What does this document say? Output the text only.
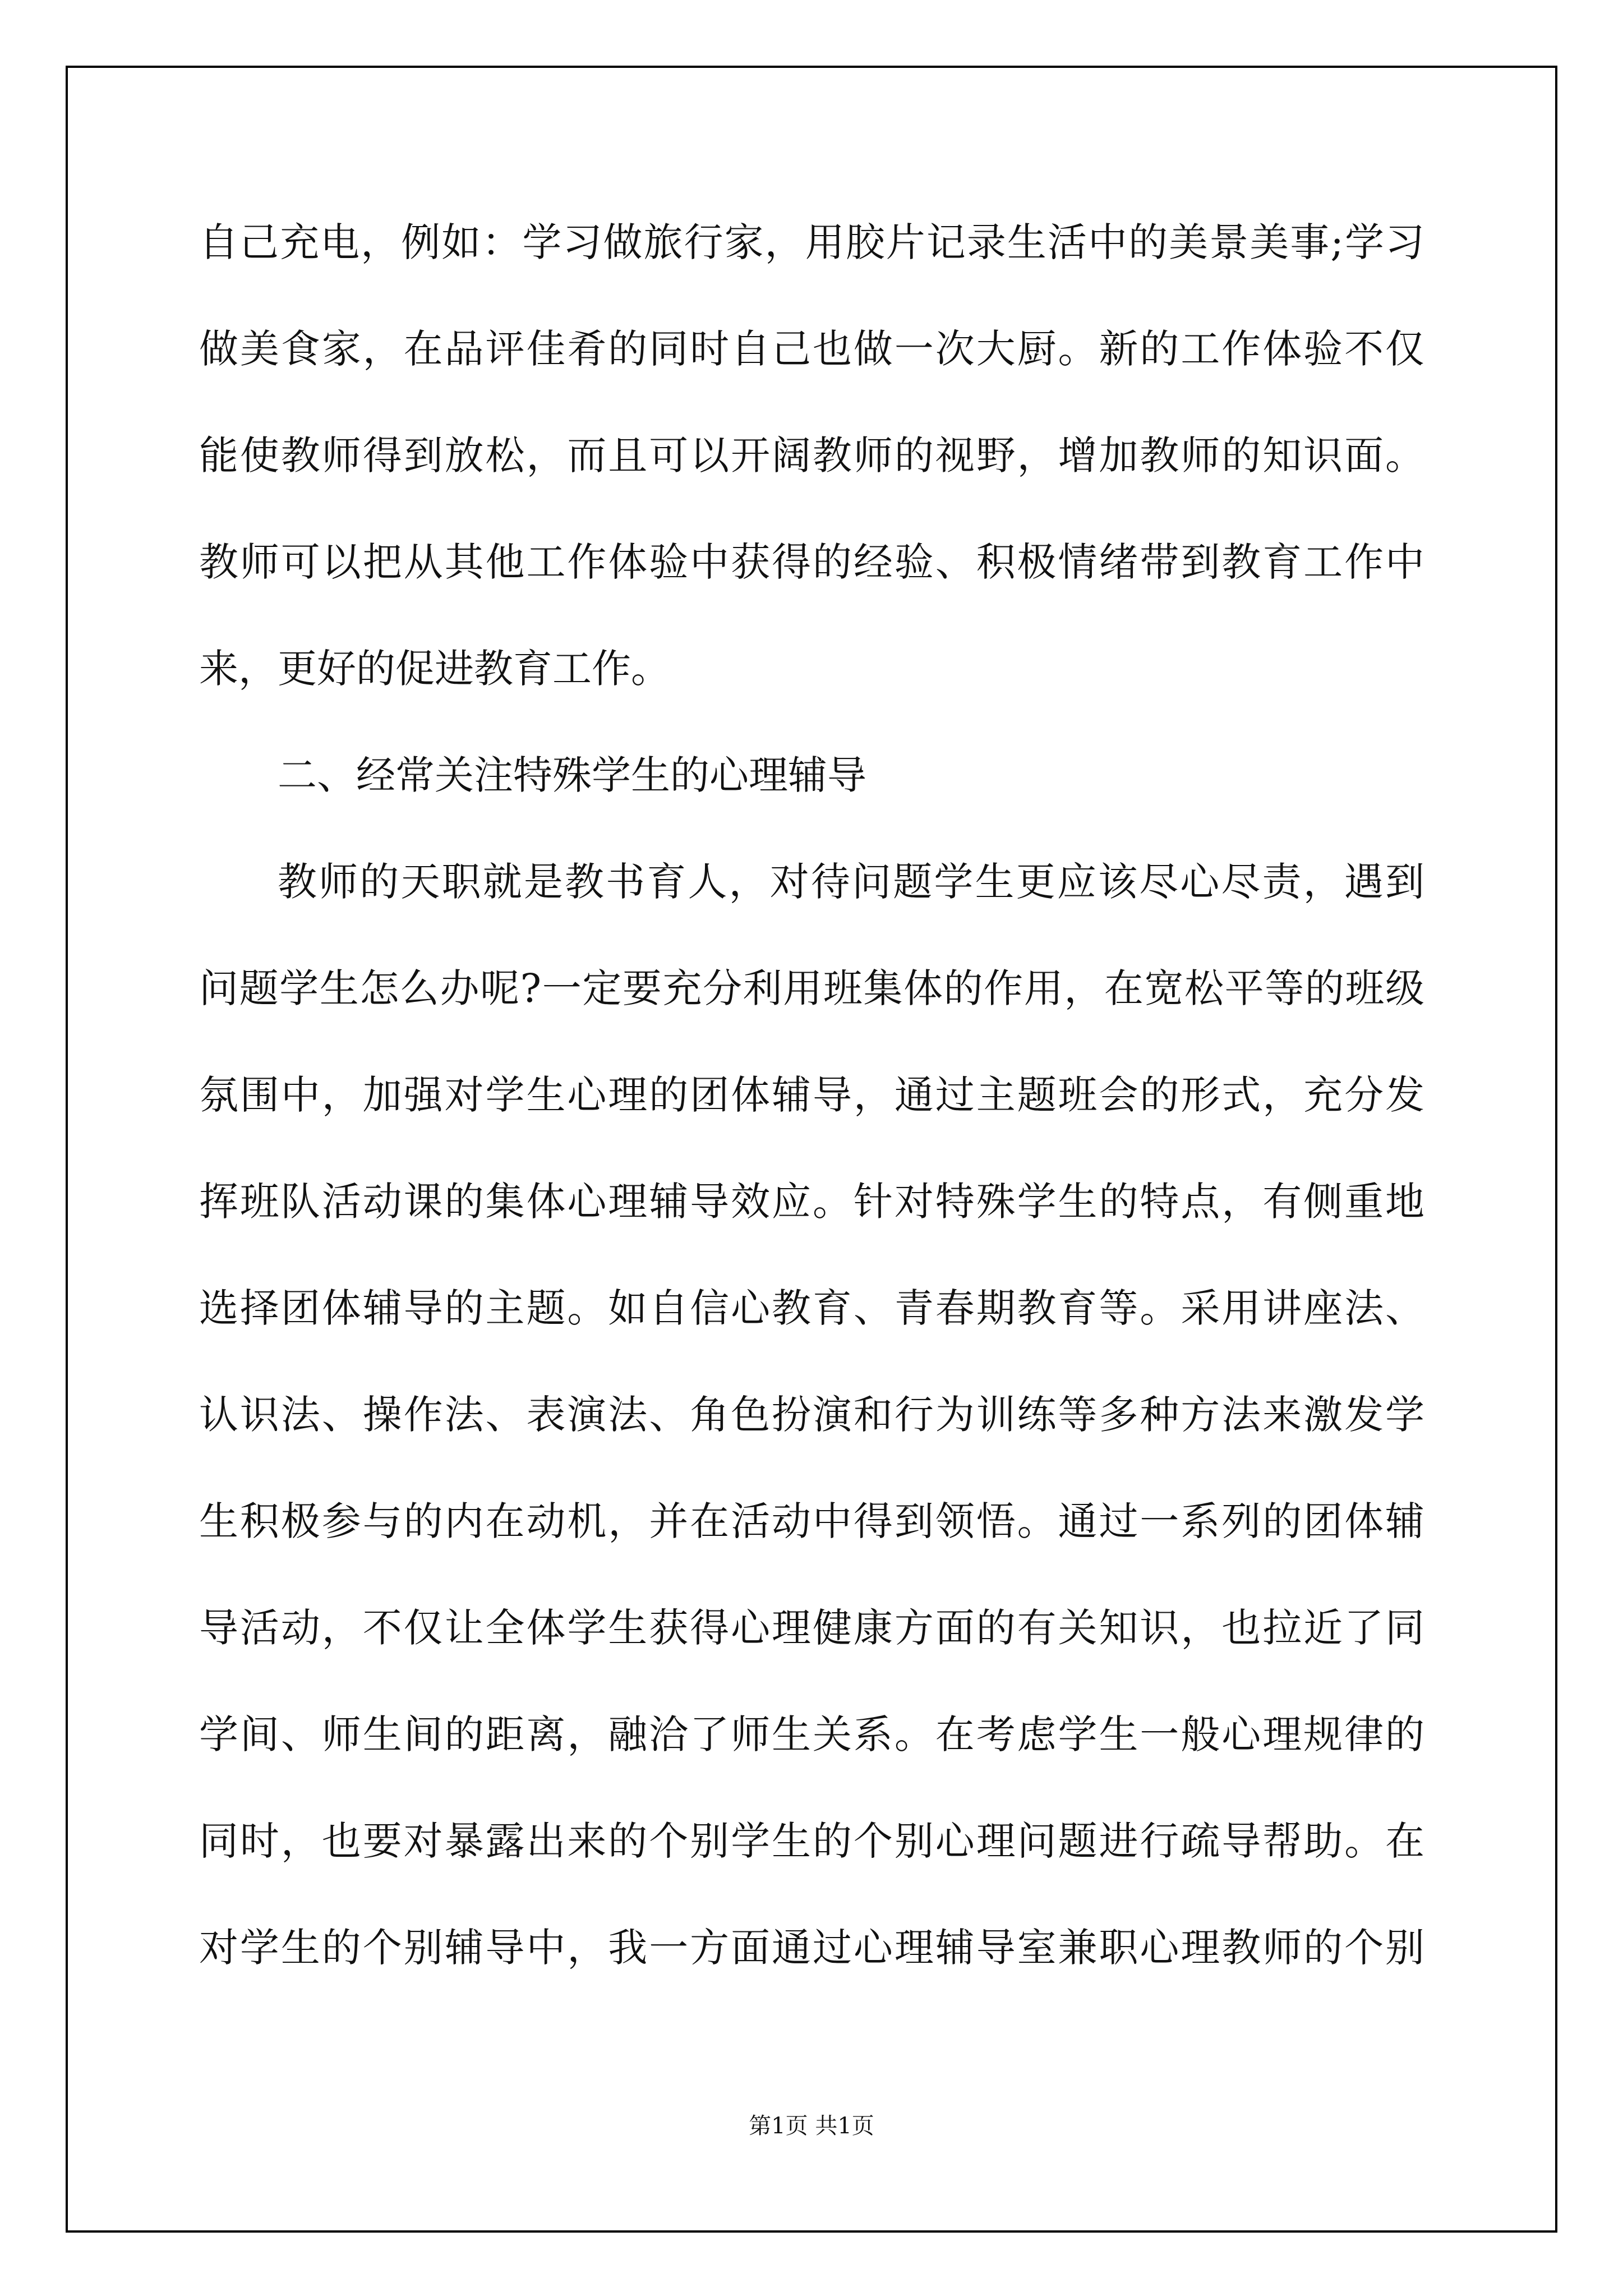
自己充电，例如：学习做旅行家，用胶片记录生活中的美景美事;学习

做美食家，在品评佳肴的同时自己也做一次大厨。新的工作体验不仅

能使教师得到放松，而且可以开阔教师的视野，增加教师的知识面。

教师可以把从其他工作体验中获得的经验、积极情绪带到教育工作中

来，更好的促进教育工作。

二、经常关注特殊学生的心理辅导

教师的天职就是教书育人，对待问题学生更应该尽心尽责，遇到

问题学生怎么办呢?一定要充分利用班集体的作用，在宽松平等的班级

氛围中，加强对学生心理的团体辅导，通过主题班会的形式，充分发

挥班队活动课的集体心理辅导效应。针对特殊学生的特点，有侧重地

选择团体辅导的主题。如自信心教育、青春期教育等。采用讲座法、

认识法、操作法、表演法、角色扮演和行为训练等多种方法来激发学

生积极参与的内在动机，并在活动中得到领悟。通过一系列的团体辅

导活动，不仅让全体学生获得心理健康方面的有关知识，也拉近了同

学间、师生间的距离，融洽了师生关系。在考虑学生一般心理规律的

同时，也要对暴露出来的个别学生的个别心理问题进行疏导帮助。在

对学生的个别辅导中，我一方面通过心理辅导室兼职心理教师的个别

第1页 共1页
